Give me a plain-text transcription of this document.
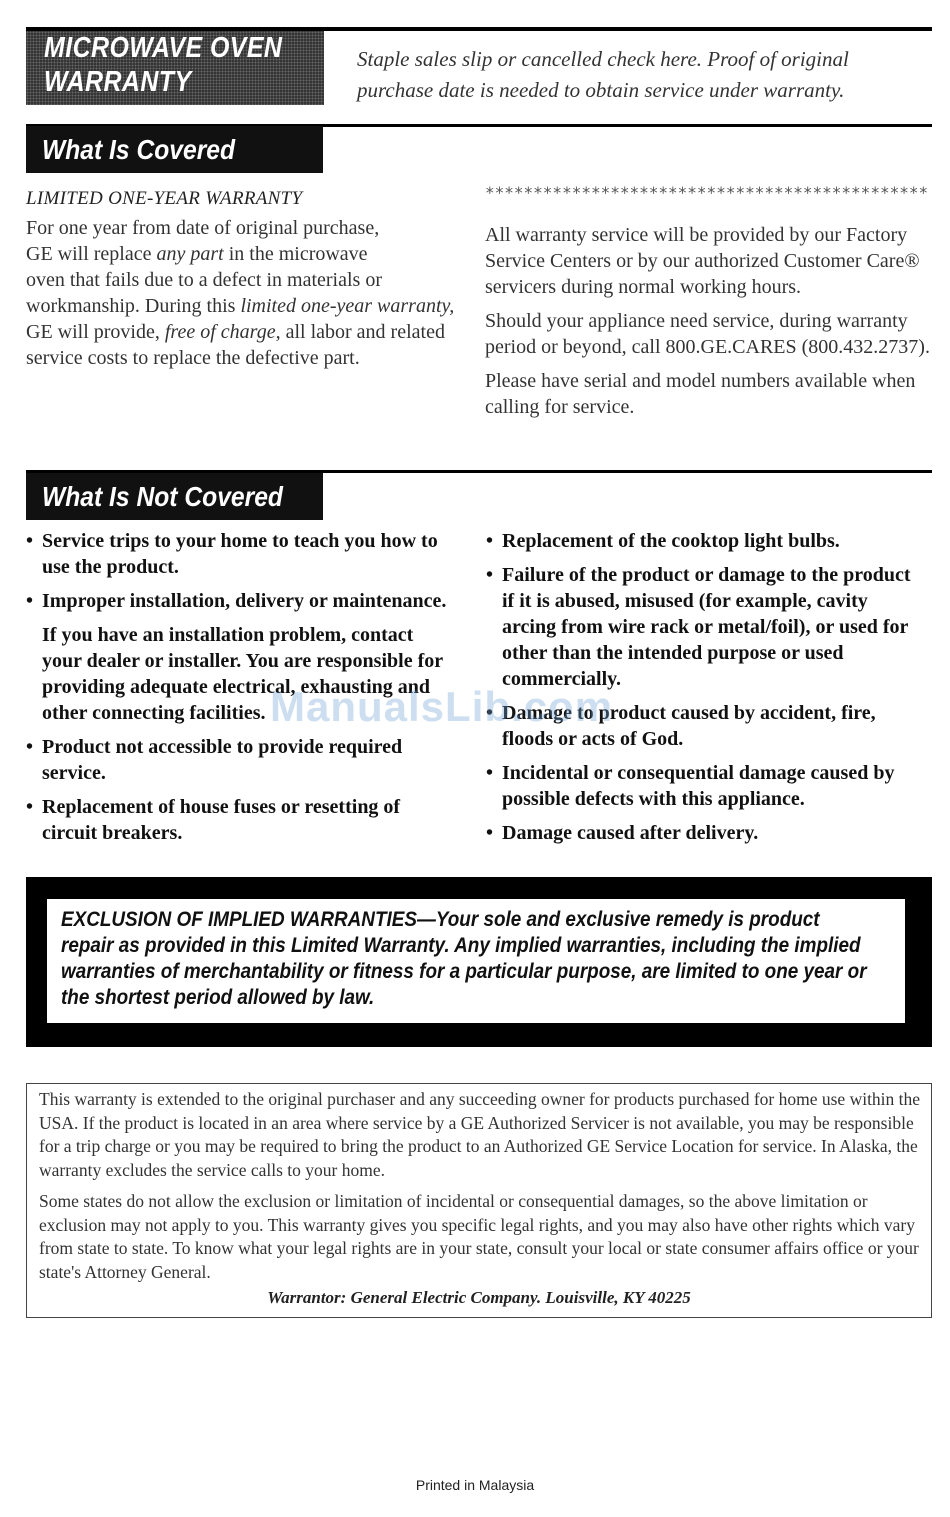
MICROWAVE OVEN
WARRANTY
Staple sales slip or cancelled check here. Proof of original
purchase date is needed to obtain service under warranty.
What Is Covered
LIMITED ONE-YEAR WARRANTY
For one year from date of original purchase,
GE will replace any part in the microwave
oven that fails due to a defect in materials or
workmanship. During this limited one-year warranty,
GE will provide, free of charge, all labor and related
service costs to replace the defective part.
**********************************************

All warranty service will be provided by our Factory Service Centers or by our authorized Customer Care® servicers during normal working hours.

Should your appliance need service, during warranty period or beyond, call 800.GE.CARES (800.432.2737).

Please have serial and model numbers available when calling for service.

What Is Not Covered
• Service trips to your home to teach you how to use the product.
• Improper installation, delivery or maintenance.
If you have an installation problem, contact your dealer or installer. You are responsible for providing adequate electrical, exhausting and other connecting facilities.
• Product not accessible to provide required service.
• Replacement of house fuses or resetting of circuit breakers.
• Replacement of the cooktop light bulbs.
• Failure of the product or damage to the product if it is abused, misused (for example, cavity arcing from wire rack or metal/foil), or used for other than the intended purpose or used commercially.
• Damage to product caused by accident, fire, floods or acts of God.
• Incidental or consequential damage caused by possible defects with this appliance.
• Damage caused after delivery.
ManualsLib.com
EXCLUSION OF IMPLIED WARRANTIES—Your sole and exclusive remedy is product repair as provided in this Limited Warranty. Any implied warranties, including the implied warranties of merchantability or fitness for a particular purpose, are limited to one year or the shortest period allowed by law.

This warranty is extended to the original purchaser and any succeeding owner for products purchased for home use within the USA. If the product is located in an area where service by a GE Authorized Servicer is not available, you may be responsible for a trip charge or you may be required to bring the product to an Authorized GE Service Location for service. In Alaska, the warranty excludes the service calls to your home.

Some states do not allow the exclusion or limitation of incidental or consequential damages, so the above limitation or exclusion may not apply to you. This warranty gives you specific legal rights, and you may also have other rights which vary from state to state. To know what your legal rights are in your state, consult your local or state consumer affairs office or your state's Attorney General.

Warrantor: General Electric Company. Louisville, KY 40225
Printed in Malaysia
